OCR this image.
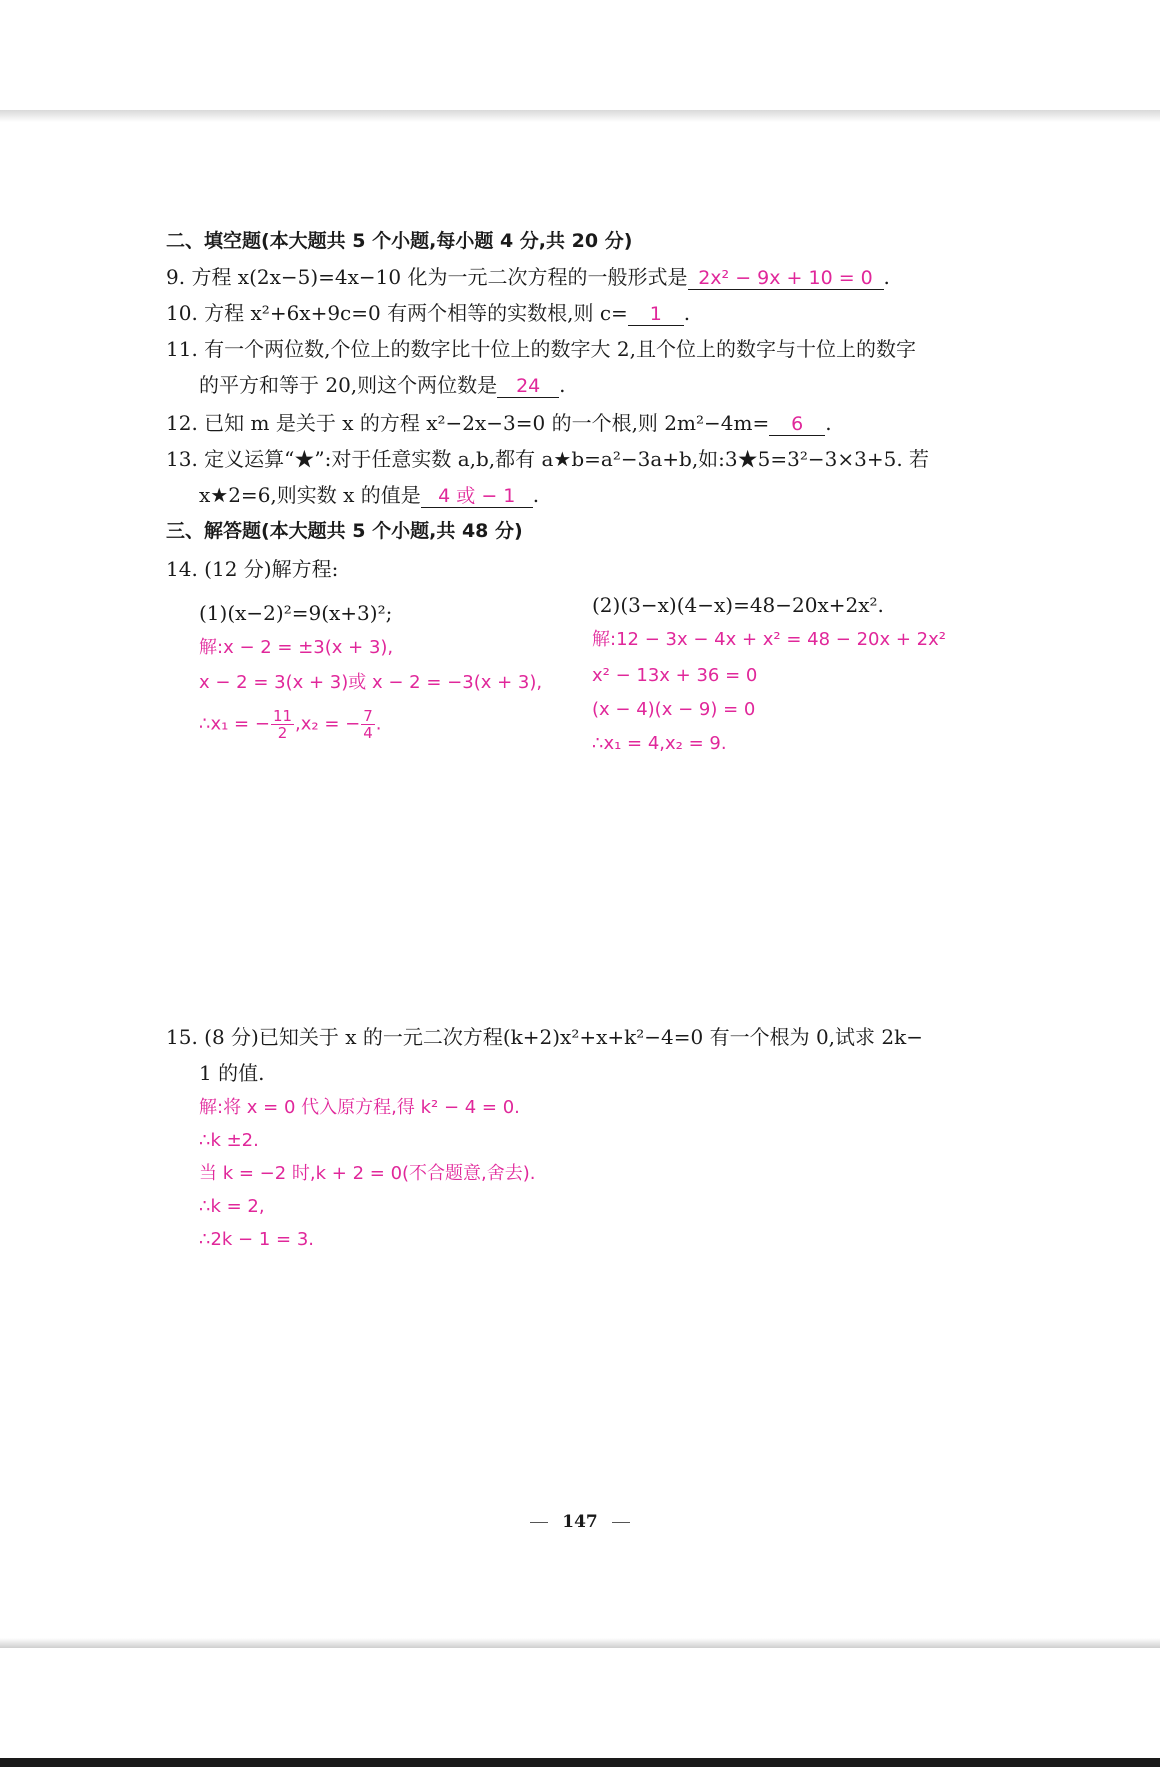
二、填空题(本大题共 5 个小题,每小题 4 分,共 20 分)
9. 方程 x(2x−5)=4x−10 化为一元二次方程的一般形式是 2x² − 9x + 10 = 0 .
10. 方程 x²+6x+9c=0 有两个相等的实数根,则 c= 1 .
11. 有一个两位数,个位上的数字比十位上的数字大 2,且个位上的数字与十位上的数字
的平方和等于 20,则这个两位数是 24 .
12. 已知 m 是关于 x 的方程 x²−2x−3=0 的一个根,则 2m²−4m= 6 .
13. 定义运算“★”:对于任意实数 a,b,都有 a★b=a²−3a+b,如:3★5=3²−3×3+5. 若
x★2=6,则实数 x 的值是 4 或 − 1 .
三、解答题(本大题共 5 个小题,共 48 分)
14. (12 分)解方程:
(1)(x−2)²=9(x+3)²;
解:x − 2 = ±3(x + 3),
x − 2 = 3(x + 3)或 x − 2 = −3(x + 3),
∴x₁ = − $\frac{11}{2} ,x_2$ = − $\frac{7}{4}$ .
(2)(3−x)(4−x)=48−20x+2x².
解:12 − 3x − 4x + x² = 48 − 20x + 2x²
x² − 13x + 36 = 0
(x − 4)(x − 9) = 0
∴x₁ = 4,x₂ = 9.
15. (8 分)已知关于 x 的一元二次方程(k+2)x²+x+k²−4=0 有一个根为 0,试求 2k−
1 的值.
解:将 x = 0 代入原方程,得 k² − 4 = 0.
∴k ±2.
当 k = −2 时,k + 2 = 0(不合题意,舍去).
∴k = 2,
∴2k − 1 = 3.
147
